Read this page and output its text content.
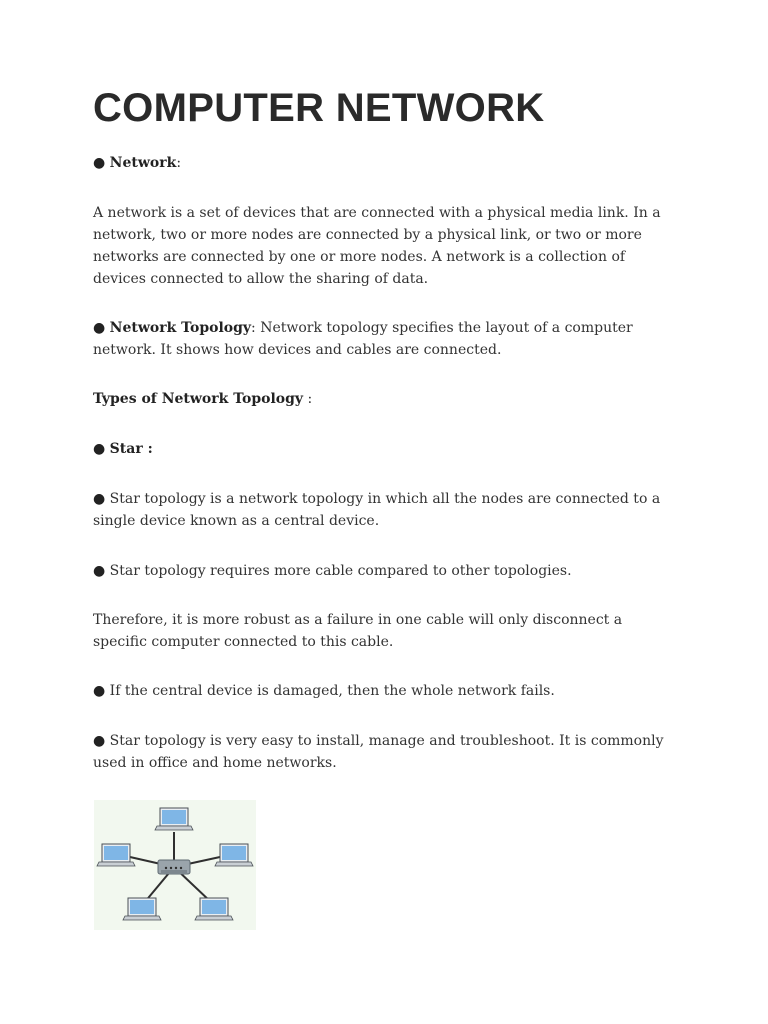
COMPUTER NETWORK

● Network:

A network is a set of devices that are connected with a physical media link. In a network, two or more nodes are connected by a physical link, or two or more networks are connected by one or more nodes. A network is a collection of devices connected to allow the sharing of data.

● Network Topology: Network topology specifies the layout of a computer network. It shows how devices and cables are connected.

Types of Network Topology :

● Star :

● Star topology is a network topology in which all the nodes are connected to a single device known as a central device.

● Star topology requires more cable compared to other topologies.

Therefore, it is more robust as a failure in one cable will only disconnect a specific computer connected to this cable.

● If the central device is damaged, then the whole network fails.

● Star topology is very easy to install, manage and troubleshoot. It is commonly used in office and home networks.
